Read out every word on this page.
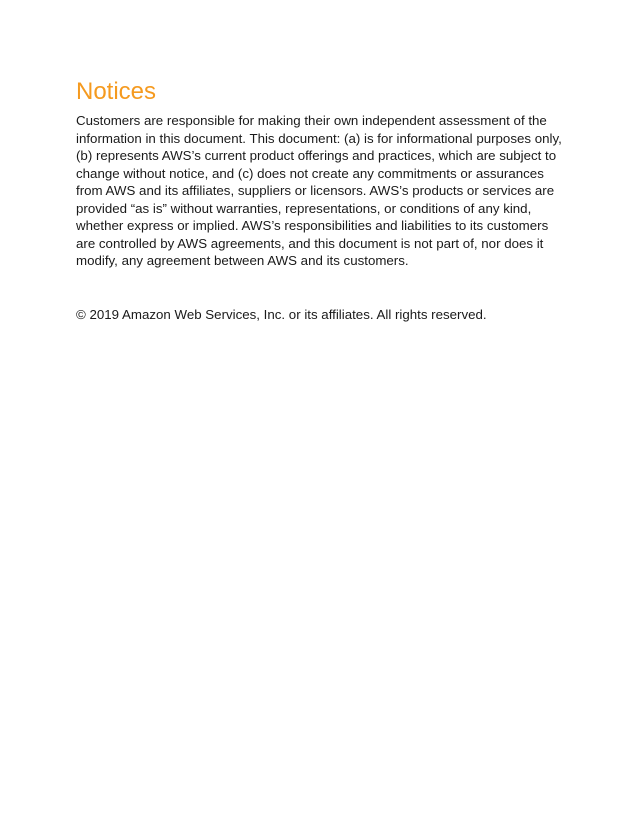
Notices

Customers are responsible for making their own independent assessment of the information in this document. This document: (a) is for informational purposes only, (b) represents AWS’s current product offerings and practices, which are subject to change without notice, and (c) does not create any commitments or assurances from AWS and its affiliates, suppliers or licensors. AWS’s products or services are provided “as is” without warranties, representations, or conditions of any kind, whether express or implied. AWS’s responsibilities and liabilities to its customers are controlled by AWS agreements, and this document is not part of, nor does it modify, any agreement between AWS and its customers.

© 2019 Amazon Web Services, Inc. or its affiliates. All rights reserved.
